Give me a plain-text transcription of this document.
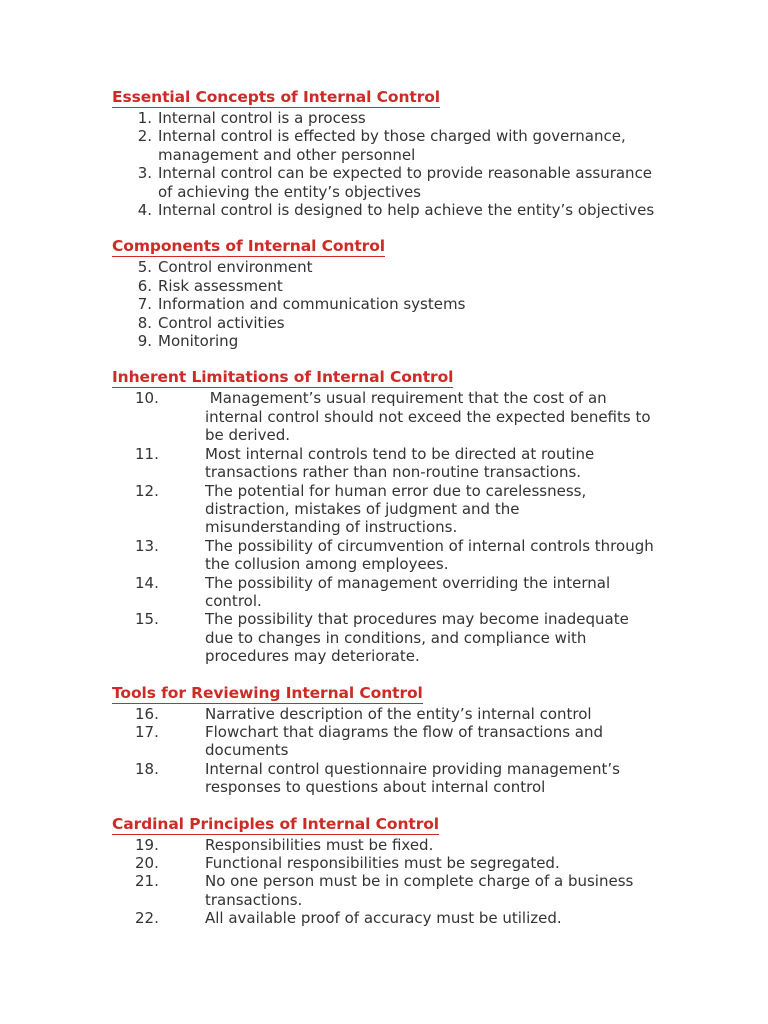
Essential Concepts of Internal Control
1. Internal control is a process
2. Internal control is effected by those charged with governance, management and other personnel
3. Internal control can be expected to provide reasonable assurance of achieving the entity’s objectives
4. Internal control is designed to help achieve the entity’s objectives
Components of Internal Control
5. Control environment
6. Risk assessment
7. Information and communication systems
8. Control activities
9. Monitoring
Inherent Limitations of Internal Control
10.	Management’s usual requirement that the cost of an internal control should not exceed the expected benefits to be derived.
11.	Most internal controls tend to be directed at routine transactions rather than non-routine transactions.
12.	The potential for human error due to carelessness, distraction, mistakes of judgment and the misunderstanding of instructions.
13.	The possibility of circumvention of internal controls through the collusion among employees.
14.	The possibility of management overriding the internal control.
15.	The possibility that procedures may become inadequate due to changes in conditions, and compliance with procedures may deteriorate.
Tools for Reviewing Internal Control
16.	Narrative description of the entity’s internal control
17.	Flowchart that diagrams the flow of transactions and documents
18.	Internal control questionnaire providing management’s responses to questions about internal control
Cardinal Principles of Internal Control
19.	Responsibilities must be fixed.
20.	Functional responsibilities must be segregated.
21.	No one person must be in complete charge of a business transactions.
22.	All available proof of accuracy must be utilized.
